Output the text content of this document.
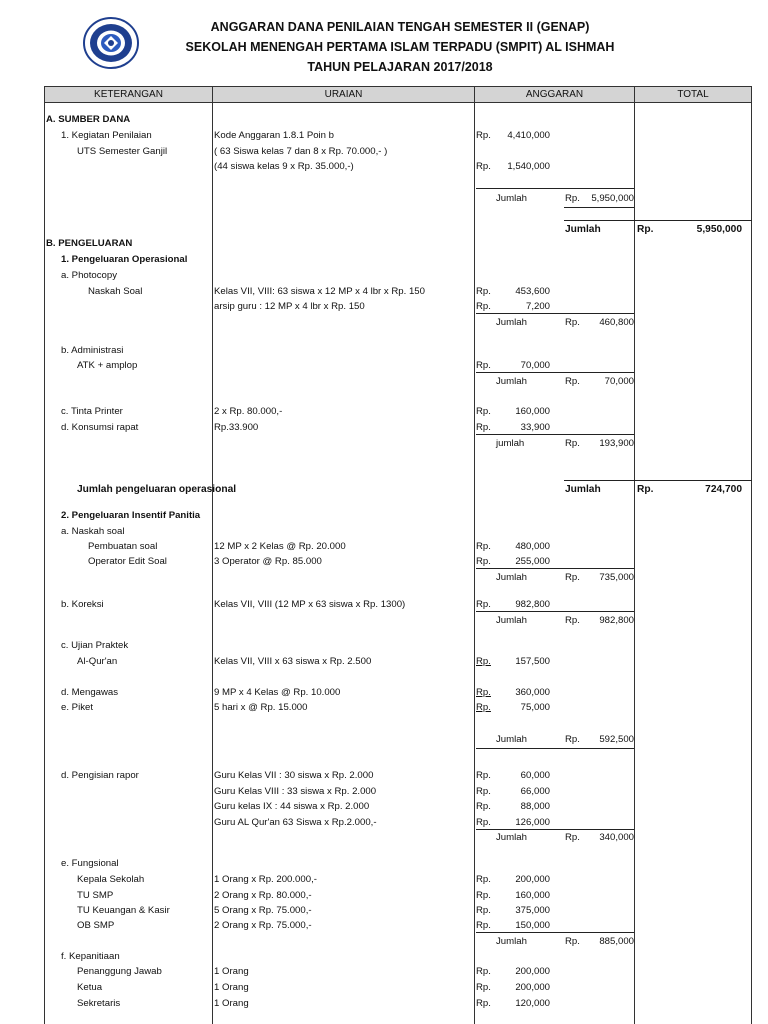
ANGGARAN DANA PENILAIAN TENGAH SEMESTER II (GENAP)
SEKOLAH MENENGAH PERTAMA ISLAM TERPADU (SMPIT) AL ISHMAH
TAHUN PELAJARAN 2017/2018
KETERANGAN	URAIAN	ANGGARAN	TOTAL
A. SUMBER DANA
1. Kegiatan Penilaian	Kode Anggaran 1.8.1 Poin b	Rp.	4,410,000
UTS Semester Ganjil	( 63 Siswa kelas 7 dan 8 x Rp. 70.000,- )
(44 siswa kelas 9 x Rp. 35.000,-)	Rp.	1,540,000
Jumlah	Rp.	5,950,000
Jumlah	Rp.	5,950,000
B. PENGELUARAN
1. Pengeluaran Operasional
a. Photocopy
Naskah Soal	Kelas VII, VIII: 63 siswa x 12 MP x 4 lbr x Rp. 150	Rp.	453,600
arsip guru : 12 MP x 4 lbr x Rp. 150	Rp.	7,200
Jumlah	Rp.	460,800
b. Administrasi
ATK + amplop	Rp.	70,000
Jumlah	Rp.	70,000
c. Tinta Printer	2 x Rp. 80.000,-	Rp.	160,000
d. Konsumsi rapat	Rp.33.900	Rp.	33,900
jumlah	Rp.	193,900
Jumlah pengeluaran operasional	Jumlah	Rp.	724,700
2. Pengeluaran Insentif Panitia
a. Naskah soal
Pembuatan soal	12 MP x 2 Kelas @ Rp. 20.000	Rp.	480,000
Operator Edit Soal	3 Operator @ Rp. 85.000	Rp.	255,000
Jumlah	Rp.	735,000
b. Koreksi	Kelas VII, VIII (12 MP x 63 siswa x Rp. 1300)	Rp.	982,800
Jumlah	Rp.	982,800
c. Ujian Praktek
Al-Qur'an	Kelas VII, VIII x 63 siswa x Rp. 2.500	Rp.	157,500
d. Mengawas	9 MP x 4 Kelas @ Rp. 10.000	Rp.	360,000
e. Piket	5 hari x @ Rp. 15.000	Rp.	75,000
Jumlah	Rp.	592,500
d. Pengisian rapor	Guru Kelas VII : 30 siswa x Rp. 2.000	Rp.	60,000
Guru Kelas VIII : 33 siswa x Rp. 2.000	Rp.	66,000
Guru kelas IX : 44 siswa x Rp. 2.000	Rp.	88,000
Guru AL Qur'an 63 Siswa x Rp.2.000,-	Rp.	126,000
Jumlah	Rp.	340,000
e. Fungsional
Kepala Sekolah	1 Orang x Rp. 200.000,-	Rp.	200,000
TU SMP	2 Orang x Rp. 80.000,-	Rp.	160,000
TU Keuangan & Kasir	5 Orang x Rp. 75.000,-	Rp.	375,000
OB SMP	2 Orang x Rp. 75.000,-	Rp.	150,000
Jumlah	Rp.	885,000
f. Kepanitiaan
Penanggung Jawab	1 Orang	Rp.	200,000
Ketua	1 Orang	Rp.	200,000
Sekretaris	1 Orang	Rp.	120,000
